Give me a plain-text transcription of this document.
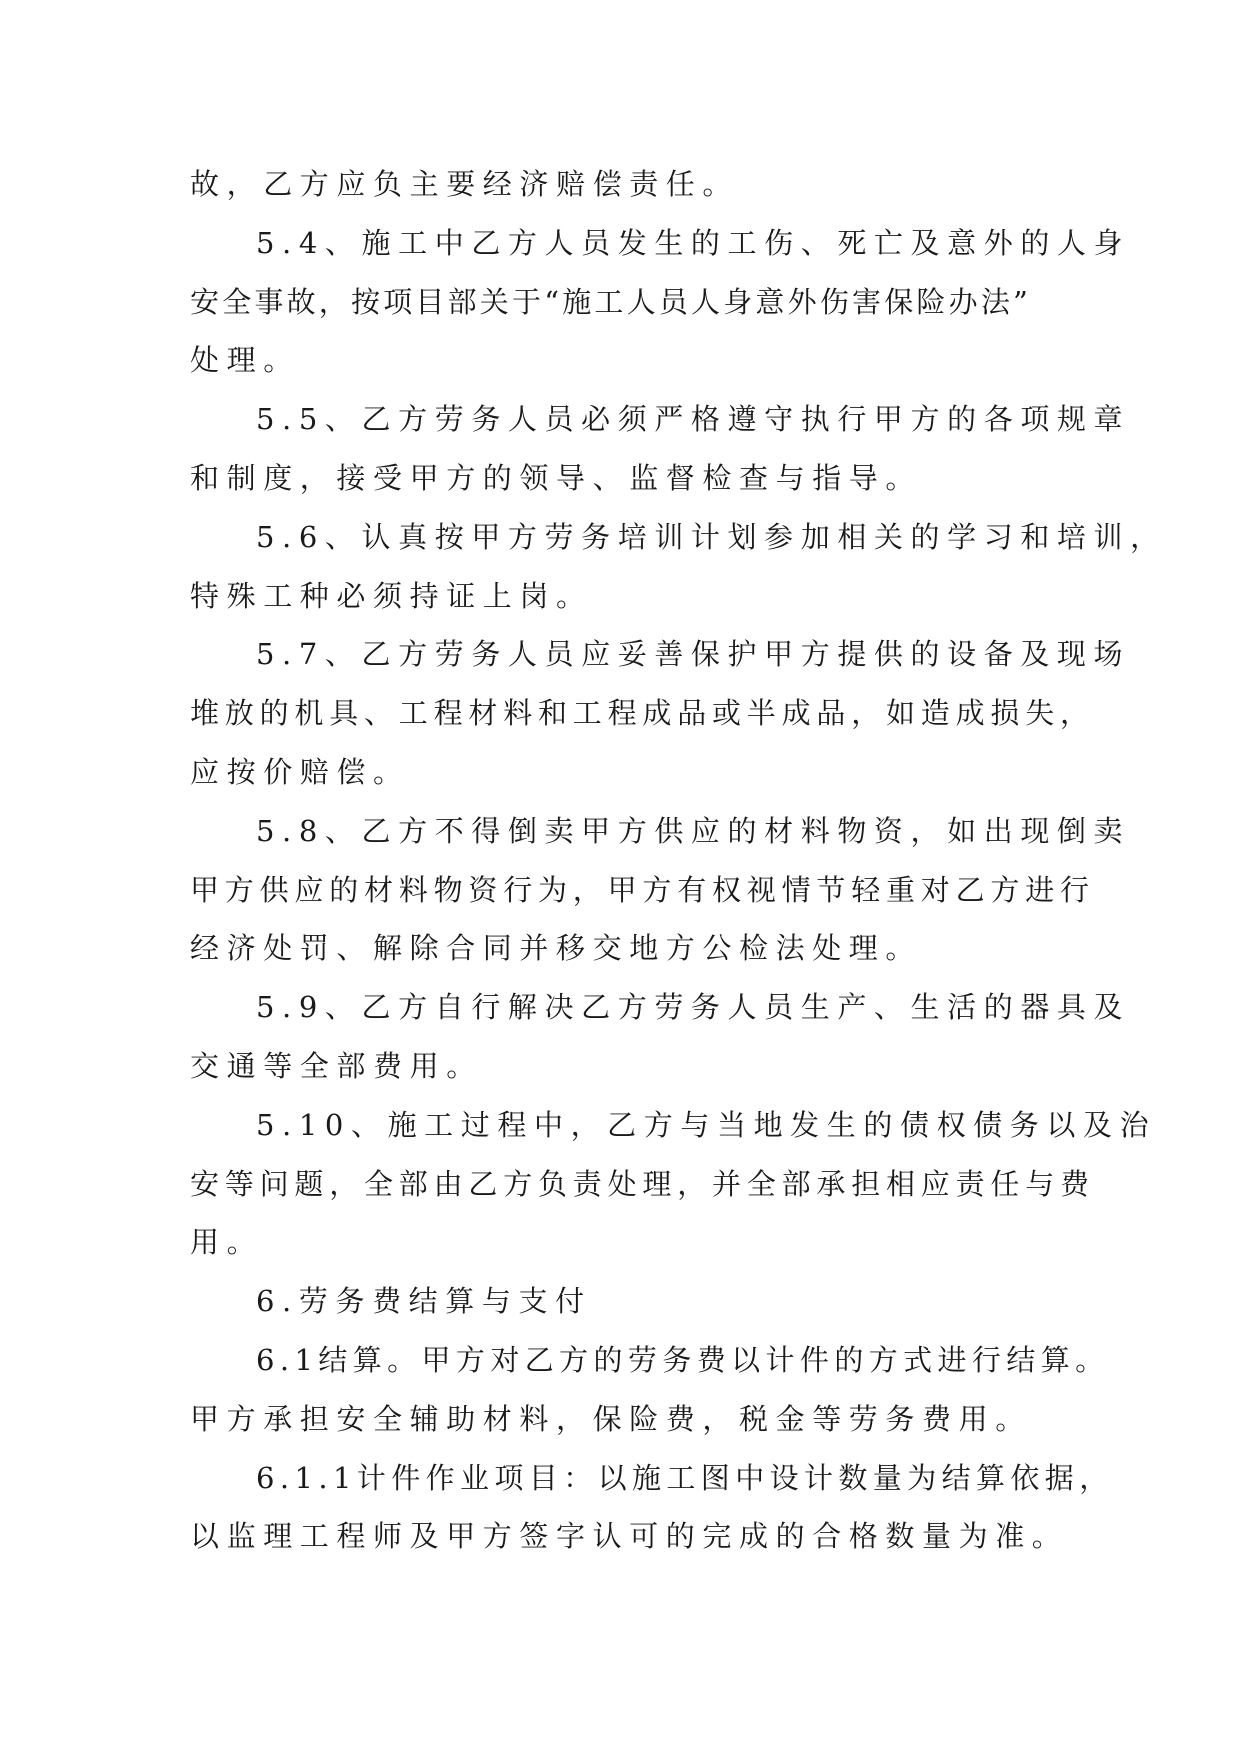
故，乙方应负主要经济赔偿责任。

5.4、施工中乙方人员发生的工伤、死亡及意外的人身
安全事故，按项目部关于“施工人员人身意外伤害保险办法”
处理。

5.5、乙方劳务人员必须严格遵守执行甲方的各项规章
和制度，接受甲方的领导、监督检查与指导。

5.6、认真按甲方劳务培训计划参加相关的学习和培训，
特殊工种必须持证上岗。

5.7、乙方劳务人员应妥善保护甲方提供的设备及现场
堆放的机具、工程材料和工程成品或半成品，如造成损失，
应按价赔偿。

5.8、乙方不得倒卖甲方供应的材料物资，如出现倒卖
甲方供应的材料物资行为，甲方有权视情节轻重对乙方进行
经济处罚、解除合同并移交地方公检法处理。

5.9、乙方自行解决乙方劳务人员生产、生活的器具及
交通等全部费用。

5.10、施工过程中，乙方与当地发生的债权债务以及治
安等问题，全部由乙方负责处理，并全部承担相应责任与费
用。

6.劳务费结算与支付

6.1结算。甲方对乙方的劳务费以计件的方式进行结算。
甲方承担安全辅助材料，保险费，税金等劳务费用。

6.1.1计件作业项目：以施工图中设计数量为结算依据，
以监理工程师及甲方签字认可的完成的合格数量为准。
